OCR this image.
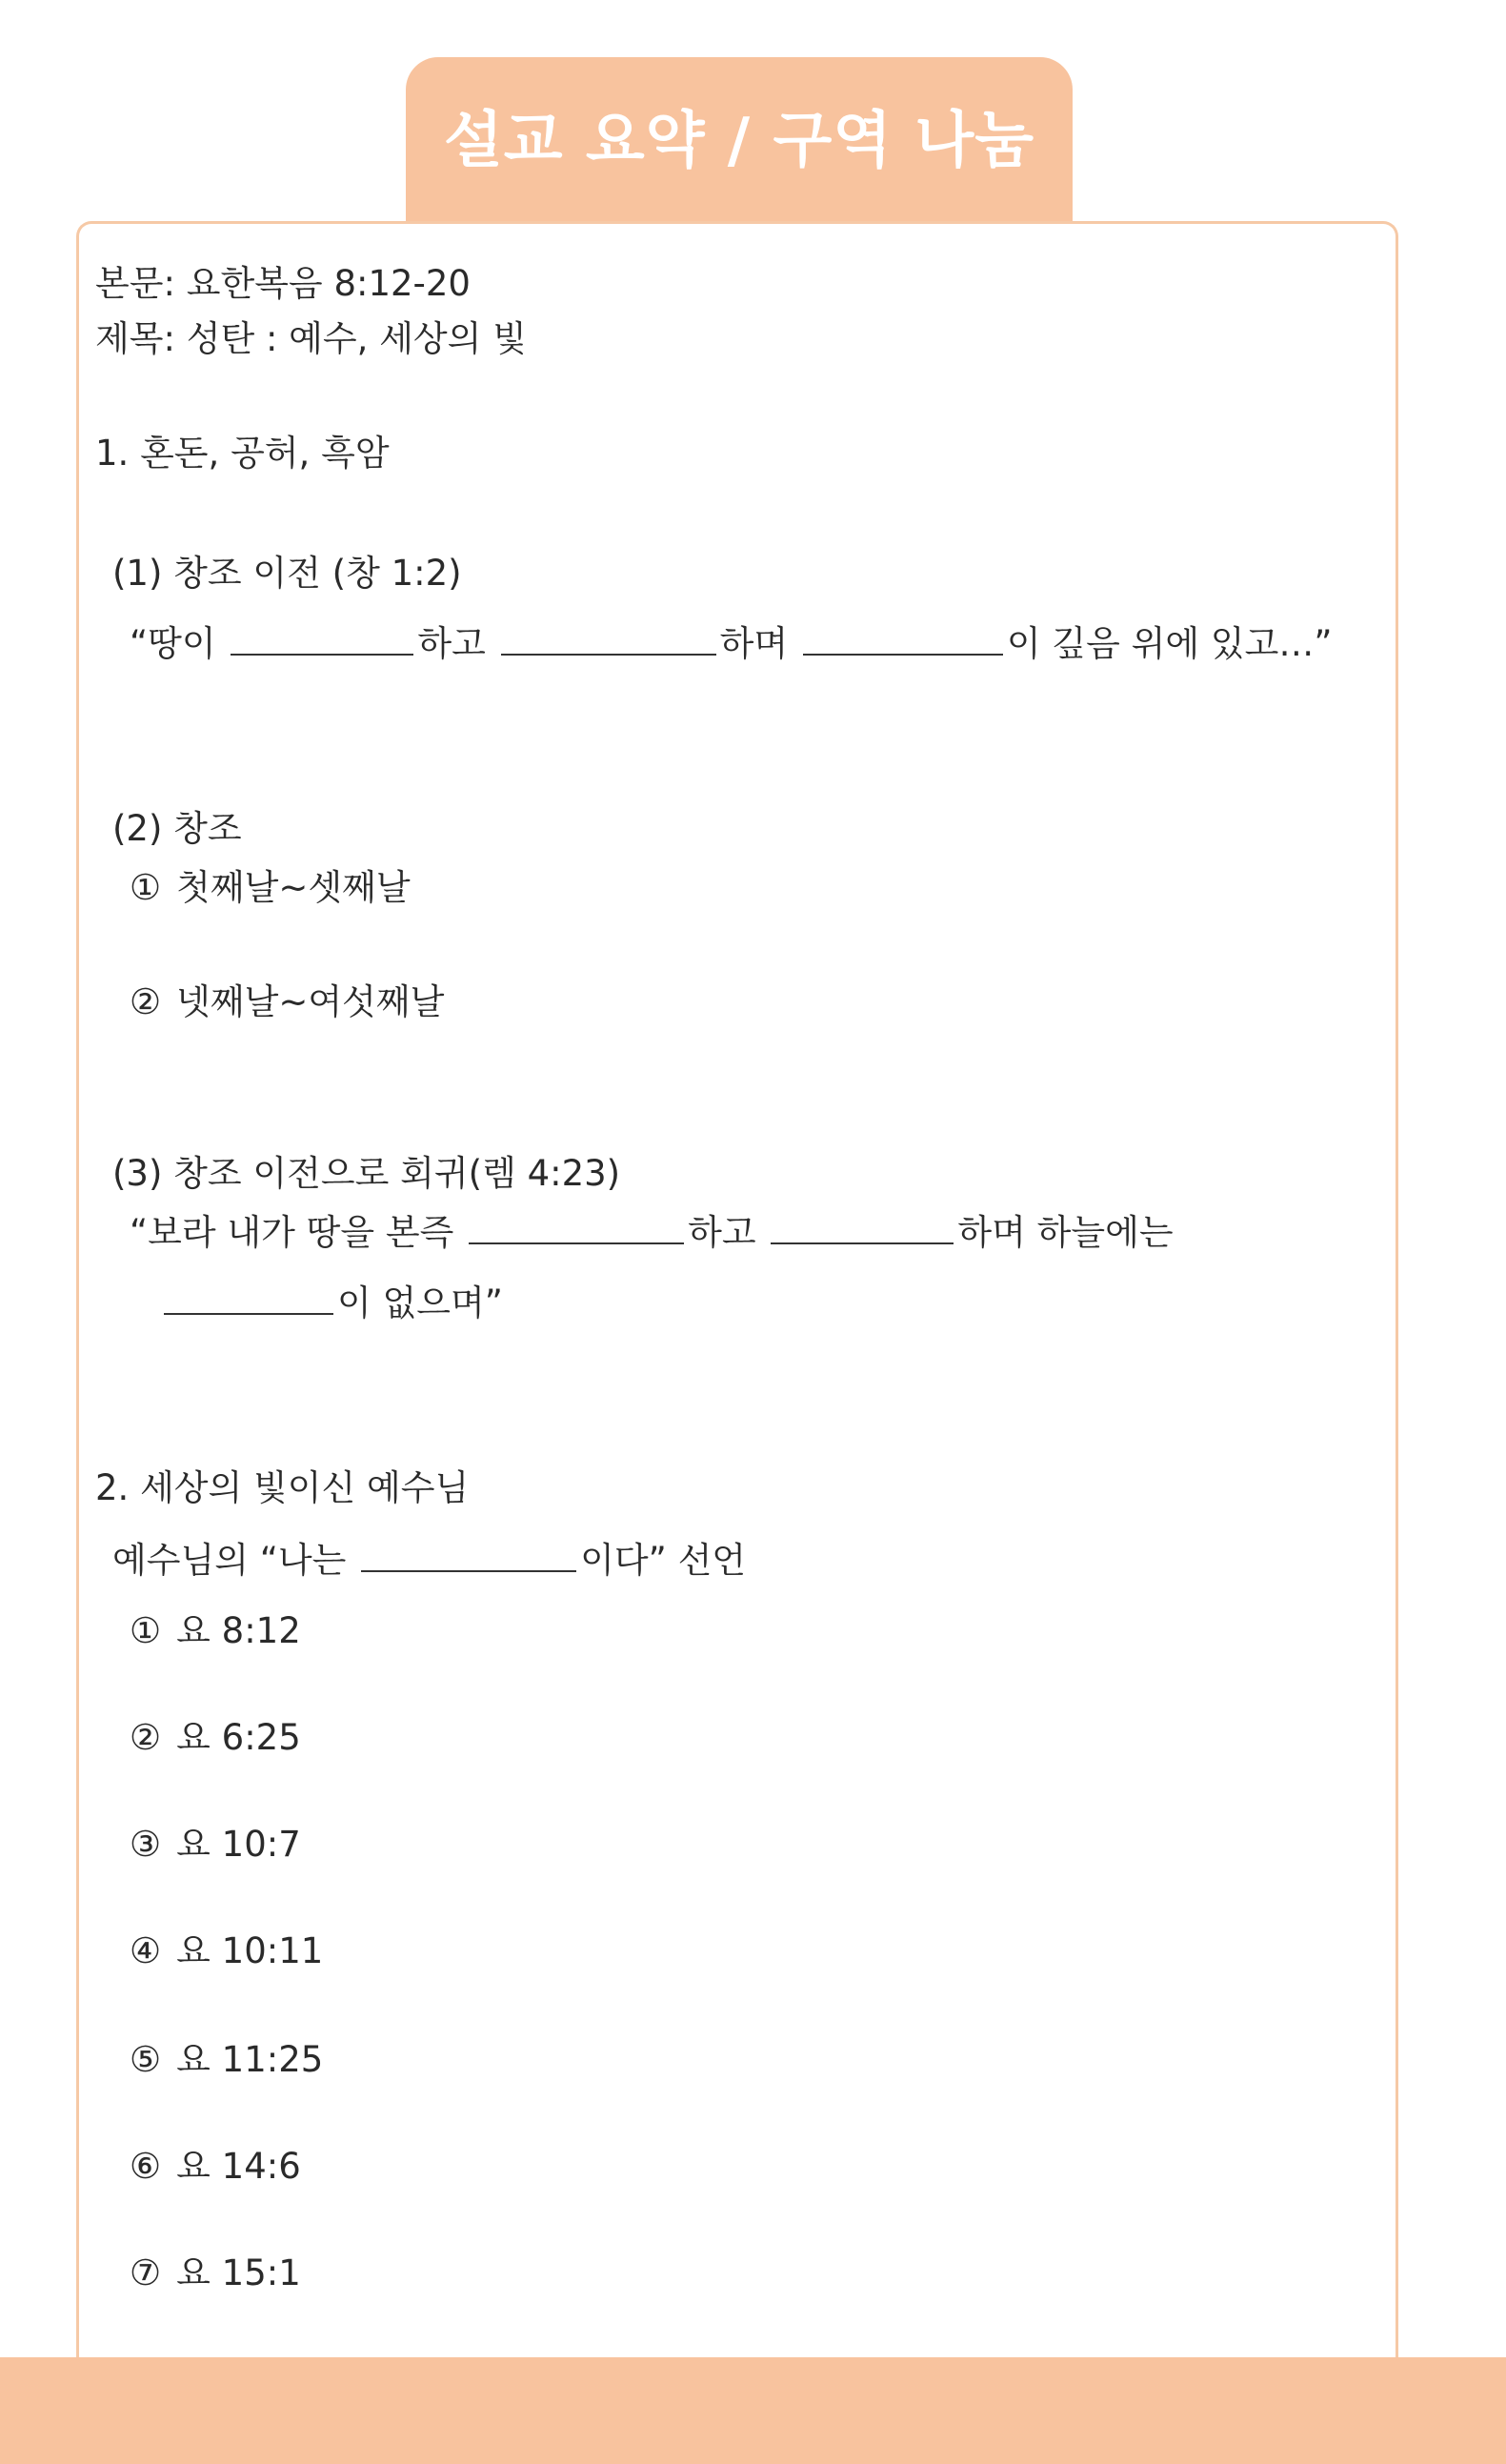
설교 요약 / 구역 나눔
본문: 요한복음 8:12-20
제목: 성탄 : 예수, 세상의 빛
1. 혼돈, 공허, 흑암
(1) 창조 이전 (창 1:2)
“땅이	하고	하며	이 깊음 위에 있고…”
(2) 창조
① 첫째날~셋째날
② 넷째날~여섯째날
(3) 창조 이전으로 회귀(렘 4:23)
“보라 내가 땅을 본즉	하고	하며 하늘에는
이 없으며”
2. 세상의 빛이신 예수님
예수님의 “나는	이다” 선언
① 요 8:12
② 요 6:25
③ 요 10:7
④ 요 10:11
⑤ 요 11:25
⑥ 요 14:6
⑦ 요 15:1
